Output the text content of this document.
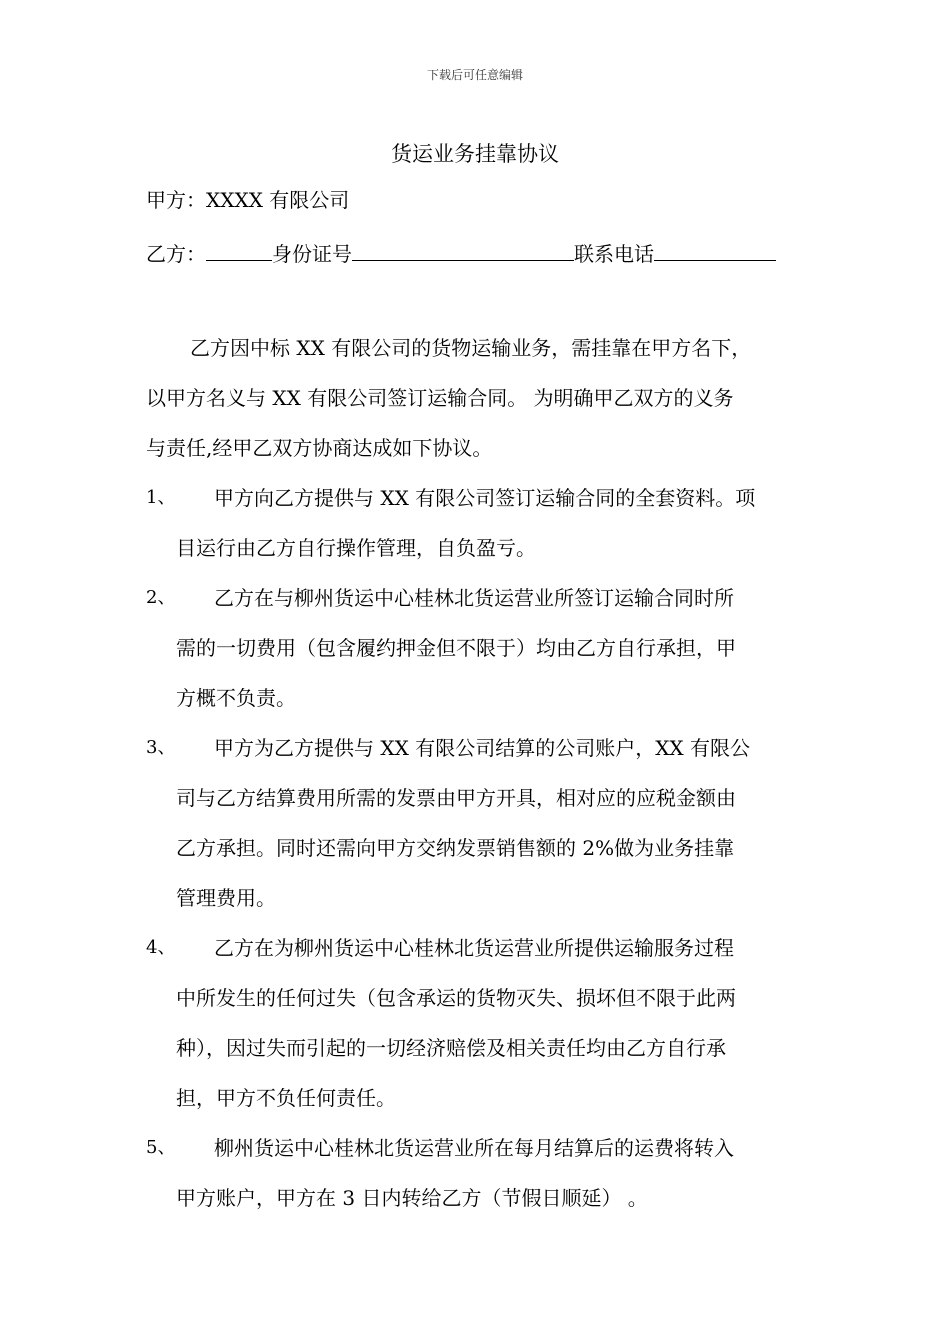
下载后可任意编辑
货运业务挂靠协议
甲方：XXXX 有限公司
乙方：	身份证号	联系电话
乙方因中标 XX 有限公司的货物运输业务，需挂靠在甲方名下，
以甲方名义与 XX 有限公司签订运输合同。 为明确甲乙双方的义务
与责任,经甲乙双方协商达成如下协议。
1、	甲方向乙方提供与 XX 有限公司签订运输合同的全套资料。项
目运行由乙方自行操作管理，自负盈亏。
2、	乙方在与柳州货运中心桂林北货运营业所签订运输合同时所
需的一切费用（包含履约押金但不限于）均由乙方自行承担，甲
方概不负责。
3、	甲方为乙方提供与 XX 有限公司结算的公司账户，XX 有限公
司与乙方结算费用所需的发票由甲方开具，相对应的应税金额由
乙方承担。同时还需向甲方交纳发票销售额的 2%做为业务挂靠
管理费用。
4、	乙方在为柳州货运中心桂林北货运营业所提供运输服务过程
中所发生的任何过失（包含承运的货物灭失、损坏但不限于此两
种），因过失而引起的一切经济赔偿及相关责任均由乙方自行承
担，甲方不负任何责任。
5、	柳州货运中心桂林北货运营业所在每月结算后的运费将转入
甲方账户，甲方在 3 日内转给乙方（节假日顺延） 。
